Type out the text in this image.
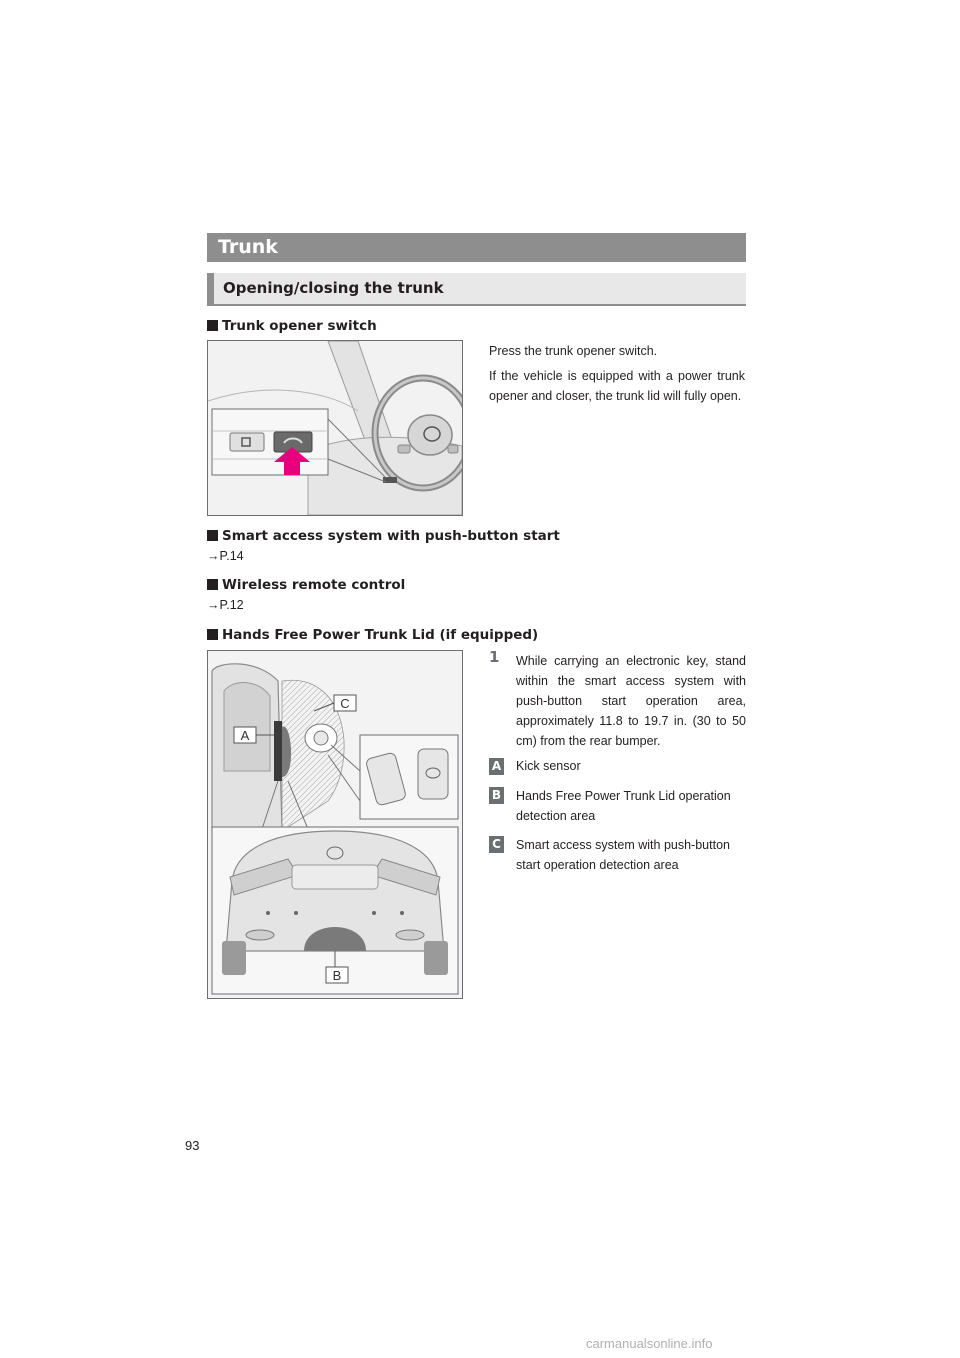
Trunk
Opening/closing the trunk
Trunk opener switch
Press the trunk opener switch.
If the vehicle is equipped with a power trunk opener and closer, the trunk lid will fully open.
Smart access system with push-button start
→P.14
Wireless remote control
→P.12
Hands Free Power Trunk Lid (if equipped)
C
A
B
1 While carrying an electronic key, stand within the smart access system with push-button start operation area, approximately 11.8 to 19.7 in. (30 to 50 cm) from the rear bumper.
A Kick sensor
B Hands Free Power Trunk Lid operation detection area
C Smart access system with push-button start operation detection area
93
carmanualsonline.info
